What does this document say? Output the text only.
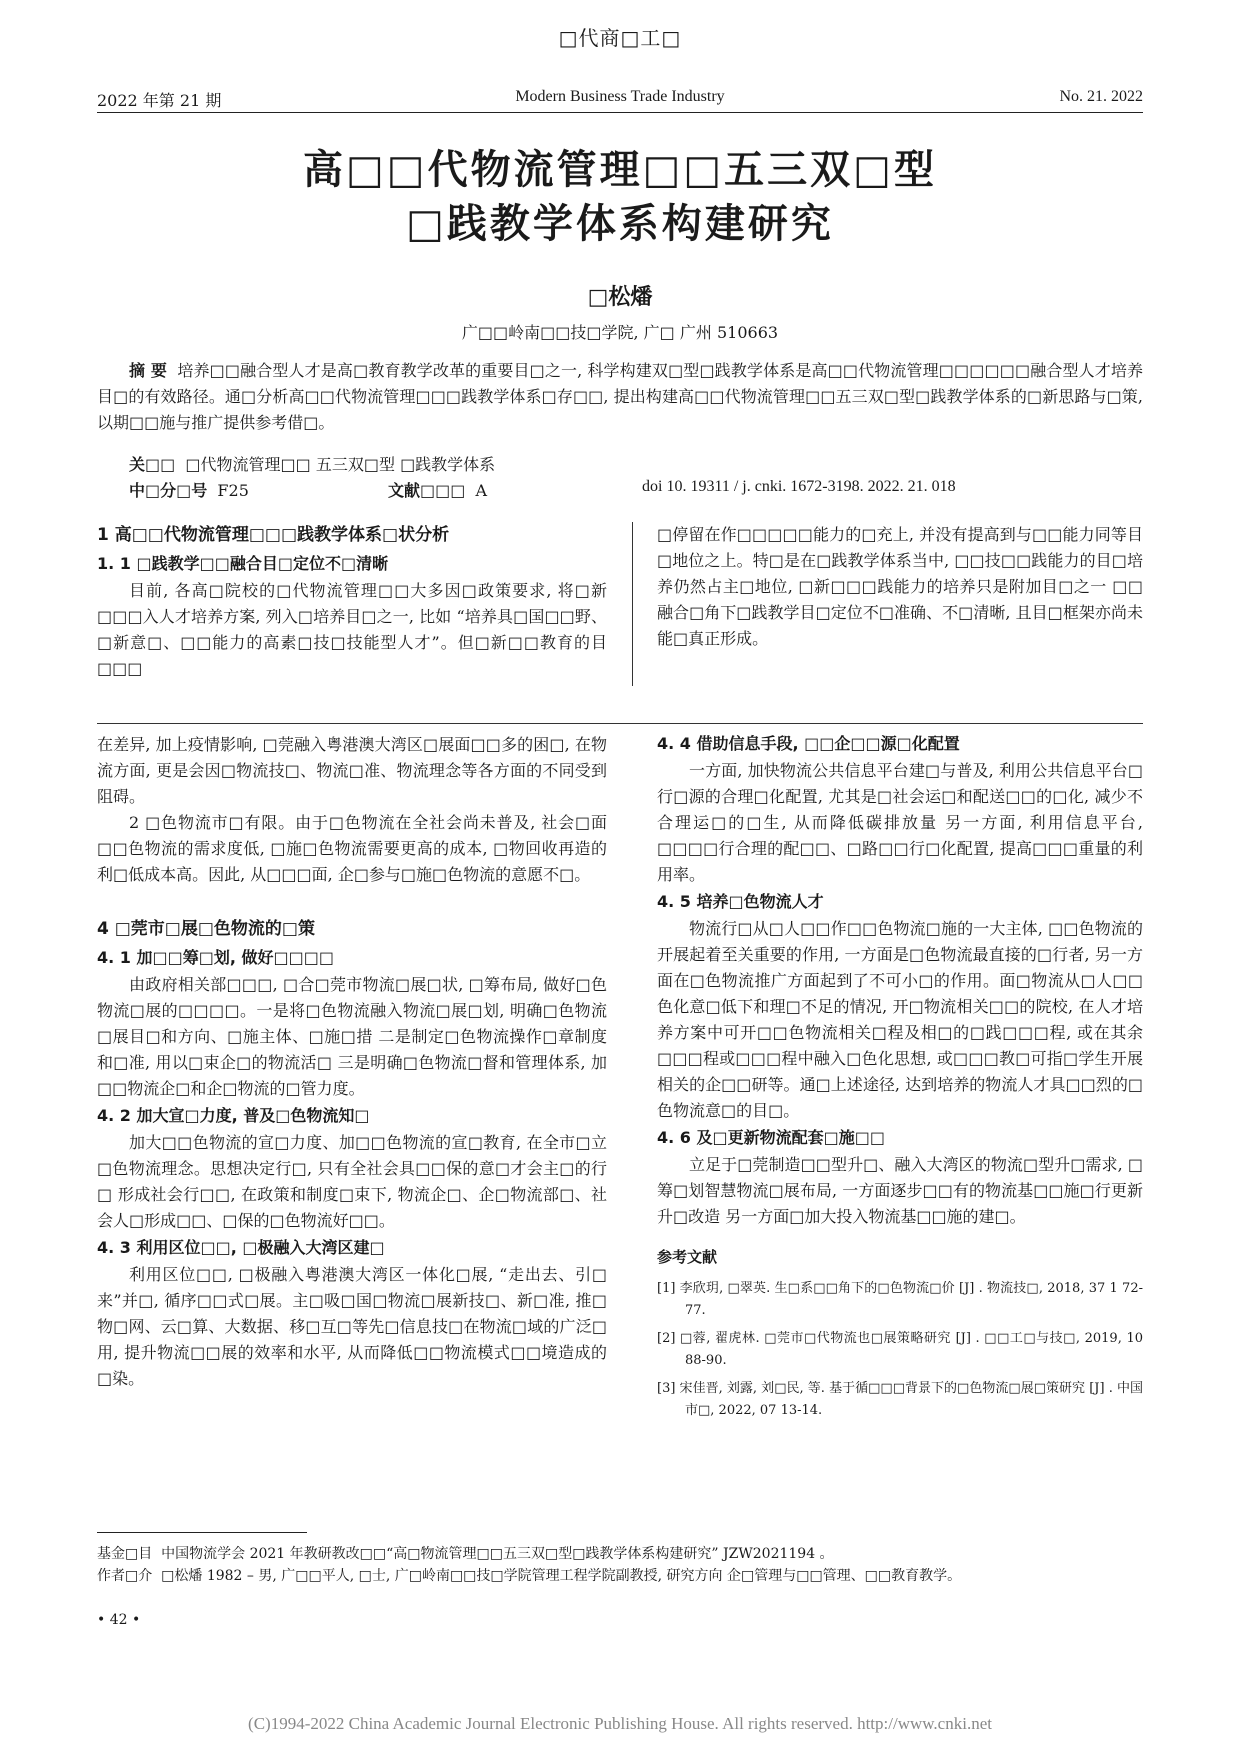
□代商□工□
2022 年第 21 期	Modern Business Trade Industry	No. 21. 2022
高□□代物流管理□□五三双□型
□践教学体系构建研究
□松燔
广□□岭南□□技□学院, 广□ 广州 510663
摘 要 培养□□融合型人才是高□教育教学改革的重要目□之一, 科学构建双□型□践教学体系是高□□代物流管理□□□□□□融合型人才培养目□的有效路径。通□分析高□□代物流管理□□□践教学体系□存□□, 提出构建高□□代物流管理□□五三双□型□践教学体系的□新思路与□策, 以期□□施与推广提供参考借□。
关□□ □代物流管理□□ 五三双□型 □践教学体系
中□分□号 F25	文献□□□ A	doi 10. 19311 / j. cnki. 1672-3198. 2022. 21. 018
1 高□□代物流管理□□□践教学体系□状分析
1. 1 □践教学□□融合目□定位不□清晰

目前, 各高□院校的□代物流管理□□大多因□政策要求, 将□新□□□入人才培养方案, 列入□培养目□之一, 比如 “培养具□国□□野、□新意□、□□能力的高素□技□技能型人才”。但□新□□教育的目□□□

□停留在作□□□□□能力的□充上, 并没有提高到与□□能力同等目□地位之上。特□是在□践教学体系当中, □□技□□践能力的目□培养仍然占主□地位, □新□□□践能力的培养只是附加目□之一 □□融合□角下□践教学目□定位不□准确、不□清晰, 且目□框架亦尚未能□真正形成。

在差异, 加上疫情影响, □莞融入粤港澳大湾区□展面□□多的困□, 在物流方面, 更是会因□物流技□、物流□准、物流理念等各方面的不同受到阻碍。

2 □色物流市□有限。由于□色物流在全社会尚未普及, 社会□面□□色物流的需求度低, □施□色物流需要更高的成本, □物回收再造的利□低成本高。因此, 从□□□面, 企□参与□施□色物流的意愿不□。

4 □莞市□展□色物流的□策
4. 1 加□□筹□划, 做好□□□□

由政府相关部□□□, □合□莞市物流□展□状, □筹布局, 做好□色物流□展的□□□□。一是将□色物流融入物流□展□划, 明确□色物流□展目□和方向、□施主体、□施□措 二是制定□色物流操作□章制度和□准, 用以□束企□的物流活□ 三是明确□色物流□督和管理体系, 加□□物流企□和企□物流的□管力度。

4. 2 加大宣□力度, 普及□色物流知□

加大□□色物流的宣□力度、加□□色物流的宣□教育, 在全市□立□色物流理念。思想决定行□, 只有全社会具□□保的意□才会主□的行□ 形成社会行□□, 在政策和制度□束下, 物流企□、企□物流部□、社会人□形成□□、□保的□色物流好□□。

4. 3 利用区位□□, □极融入大湾区建□

利用区位□□, □极融入粤港澳大湾区一体化□展, “走出去、引□来”并□, 循序□□式□展。主□吸□国□物流□展新技□、新□准, 推□物□网、云□算、大数据、移□互□等先□信息技□在物流□域的广泛□用, 提升物流□□展的效率和水平, 从而降低□□物流模式□□境造成的□染。

4. 4 借助信息手段, □□企□□源□化配置

一方面, 加快物流公共信息平台建□与普及, 利用公共信息平台□行□源的合理□化配置, 尤其是□社会运□和配送□□的□化, 减少不合理运□的□生, 从而降低碳排放量 另一方面, 利用信息平台, □□□□行合理的配□□、□路□□行□化配置, 提高□□□重量的利用率。

4. 5 培养□色物流人才

物流行□从□人□□作□□色物流□施的一大主体, □□色物流的开展起着至关重要的作用, 一方面是□色物流最直接的□行者, 另一方面在□色物流推广方面起到了不可小□的作用。面□物流从□人□□色化意□低下和理□不足的情况, 开□物流相关□□的院校, 在人才培养方案中可开□□色物流相关□程及相□的□践□□□程, 或在其余□□□程或□□□程中融入□色化思想, 或□□□教□可指□学生开展相关的企□□研等。通□上述途径, 达到培养的物流人才具□□烈的□色物流意□的目□。

4. 6 及□更新物流配套□施□□

立足于□莞制造□□型升□、融入大湾区的物流□型升□需求, □筹□划智慧物流□展布局, 一方面逐步□□有的物流基□□施□行更新升□改造 另一方面□加大投入物流基□□施的建□。

参考文献
[1] 李欣玥, □翠英. 生□系□□角下的□色物流□价 [J] . 物流技□, 2018, 37 1 72-77.
[2] □蓉, 翟虎林. □莞市□代物流也□展策略研究 [J] . □□工□与技□, 2019, 10 88-90.
[3] 宋佳晋, 刘露, 刘□民, 等. 基于循□□□背景下的□色物流□展□策研究 [J] . 中国市□, 2022, 07 13-14.
基金□目 中国物流学会 2021 年教研教改□□“高□物流管理□□五三双□型□践教学体系构建研究” JZW2021194 。
作者□介 □松燔 1982 – 男, 广□□平人, □士, 广□岭南□□技□学院管理工程学院副教授, 研究方向 企□管理与□□管理、□□教育教学。
• 42 •
(C)1994-2022 China Academic Journal Electronic Publishing House. All rights reserved. http://www.cnki.net
